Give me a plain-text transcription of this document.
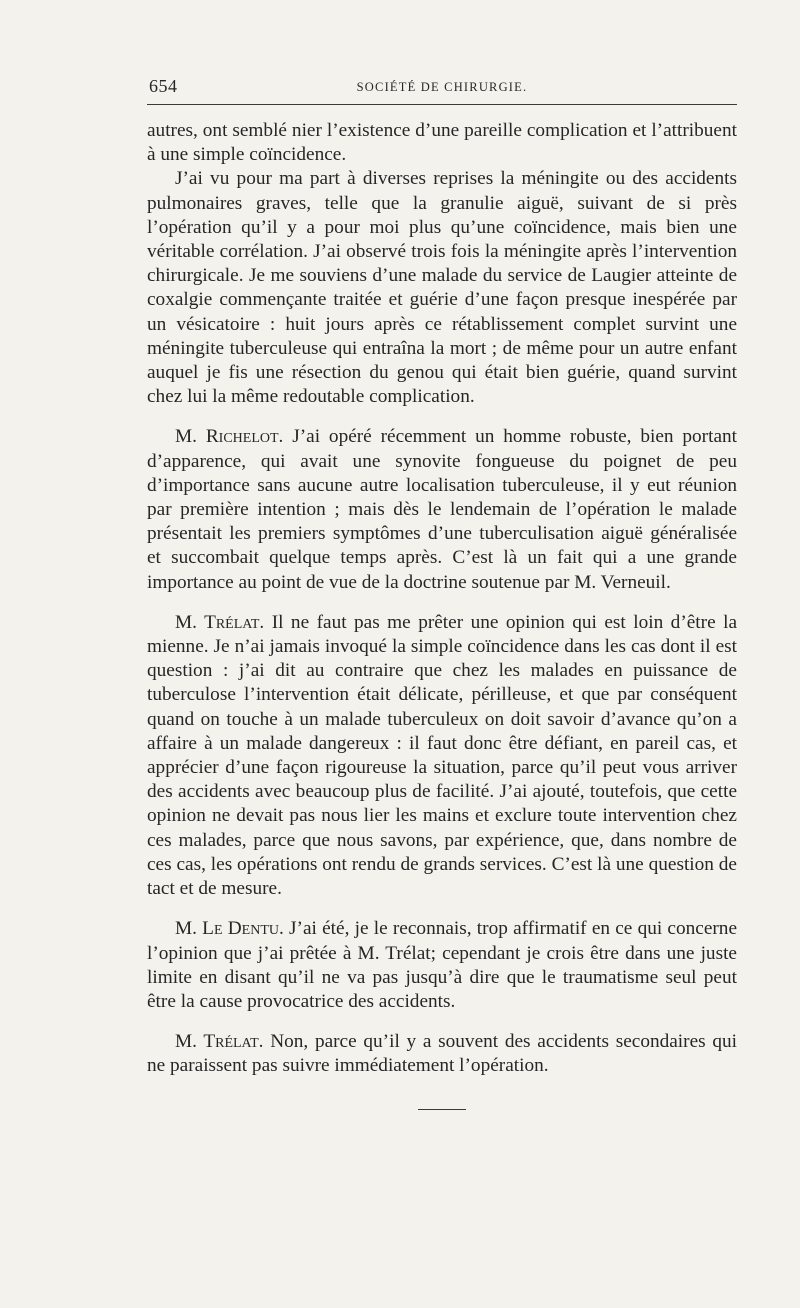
654	SOCIÉTÉ DE CHIRURGIE.

autres, ont semblé nier l’existence d’une pareille complication et l’attribuent à une simple coïncidence.

J’ai vu pour ma part à diverses reprises la méningite ou des accidents pulmonaires graves, telle que la granulie aiguë, suivant de si près l’opération qu’il y a pour moi plus qu’une coïncidence, mais bien une véritable corrélation. J’ai observé trois fois la méningite après l’intervention chirurgicale. Je me souviens d’une malade du service de Laugier atteinte de coxalgie commençante traitée et guérie d’une façon presque inespérée par un vésicatoire : huit jours après ce rétablissement complet survint une méningite tuberculeuse qui entraîna la mort ; de même pour un autre enfant auquel je fis une résection du genou qui était bien guérie, quand survint chez lui la même redoutable complication.

M. Richelot. J’ai opéré récemment un homme robuste, bien portant d’apparence, qui avait une synovite fongueuse du poignet de peu d’importance sans aucune autre localisation tuberculeuse, il y eut réunion par première intention ; mais dès le lendemain de l’opération le malade présentait les premiers symptômes d’une tuberculisation aiguë généralisée et succombait quelque temps après. C’est là un fait qui a une grande importance au point de vue de la doctrine soutenue par M. Verneuil.

M. Trélat. Il ne faut pas me prêter une opinion qui est loin d’être la mienne. Je n’ai jamais invoqué la simple coïncidence dans les cas dont il est question : j’ai dit au contraire que chez les malades en puissance de tuberculose l’intervention était délicate, périlleuse, et que par conséquent quand on touche à un malade tuberculeux on doit savoir d’avance qu’on a affaire à un malade dangereux : il faut donc être défiant, en pareil cas, et apprécier d’une façon rigoureuse la situation, parce qu’il peut vous arriver des accidents avec beaucoup plus de facilité. J’ai ajouté, toutefois, que cette opinion ne devait pas nous lier les mains et exclure toute intervention chez ces malades, parce que nous savons, par expérience, que, dans nombre de ces cas, les opérations ont rendu de grands services. C’est là une question de tact et de mesure.

M. Le Dentu. J’ai été, je le reconnais, trop affirmatif en ce qui concerne l’opinion que j’ai prêtée à M. Trélat; cependant je crois être dans une juste limite en disant qu’il ne va pas jusqu’à dire que le traumatisme seul peut être la cause provocatrice des accidents.

M. Trélat. Non, parce qu’il y a souvent des accidents secondaires qui ne paraissent pas suivre immédiatement l’opération.
